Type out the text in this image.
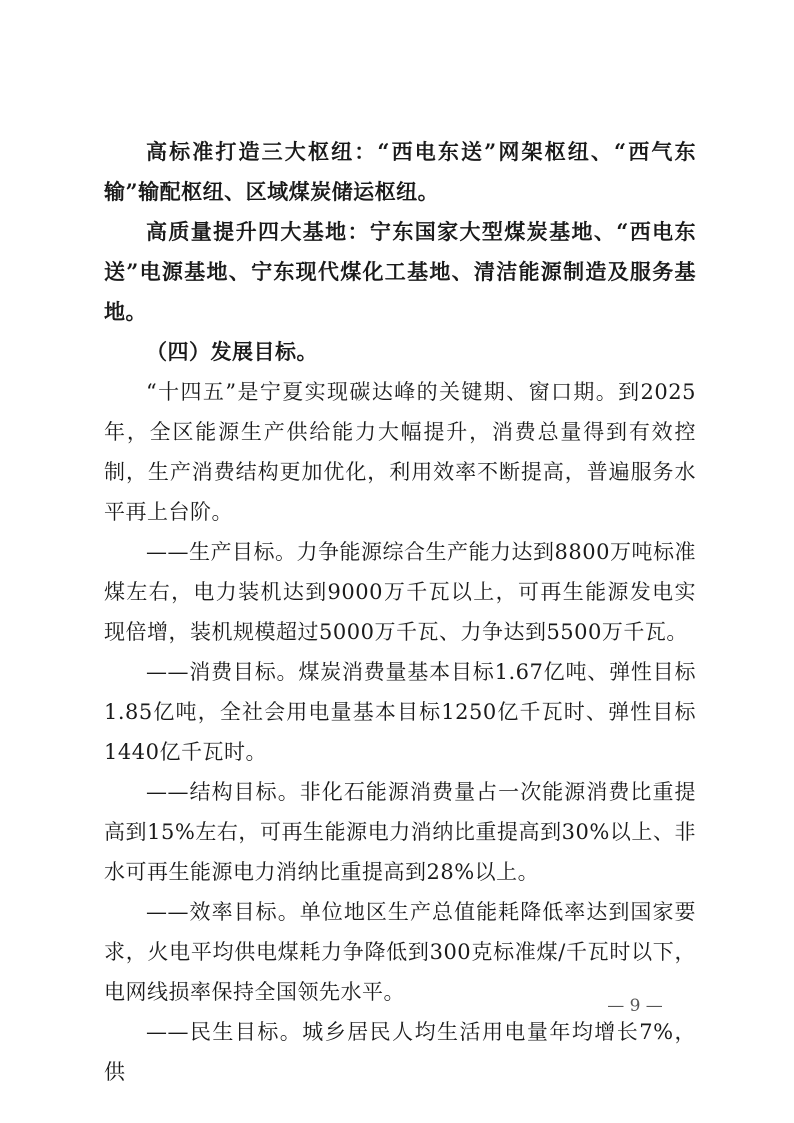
高标准打造三大枢纽：“西电东送”网架枢纽、“西气东输”输配枢纽、区域煤炭储运枢纽。

高质量提升四大基地：宁东国家大型煤炭基地、“西电东送”电源基地、宁东现代煤化工基地、清洁能源制造及服务基地。

（四）发展目标。

“十四五”是宁夏实现碳达峰的关键期、窗口期。到2025年，全区能源生产供给能力大幅提升，消费总量得到有效控制，生产消费结构更加优化，利用效率不断提高，普遍服务水平再上台阶。

——生产目标。力争能源综合生产能力达到8800万吨标准煤左右，电力装机达到9000万千瓦以上，可再生能源发电实现倍增，装机规模超过5000万千瓦、力争达到5500万千瓦。

——消费目标。煤炭消费量基本目标1.67亿吨、弹性目标1.85亿吨，全社会用电量基本目标1250亿千瓦时、弹性目标1440亿千瓦时。

——结构目标。非化石能源消费量占一次能源消费比重提高到15%左右，可再生能源电力消纳比重提高到30%以上、非水可再生能源电力消纳比重提高到28%以上。

——效率目标。单位地区生产总值能耗降低率达到国家要求，火电平均供电煤耗力争降低到300克标准煤/千瓦时以下，电网线损率保持全国领先水平。

——民生目标。城乡居民人均生活用电量年均增长7%，供

— 9 —
